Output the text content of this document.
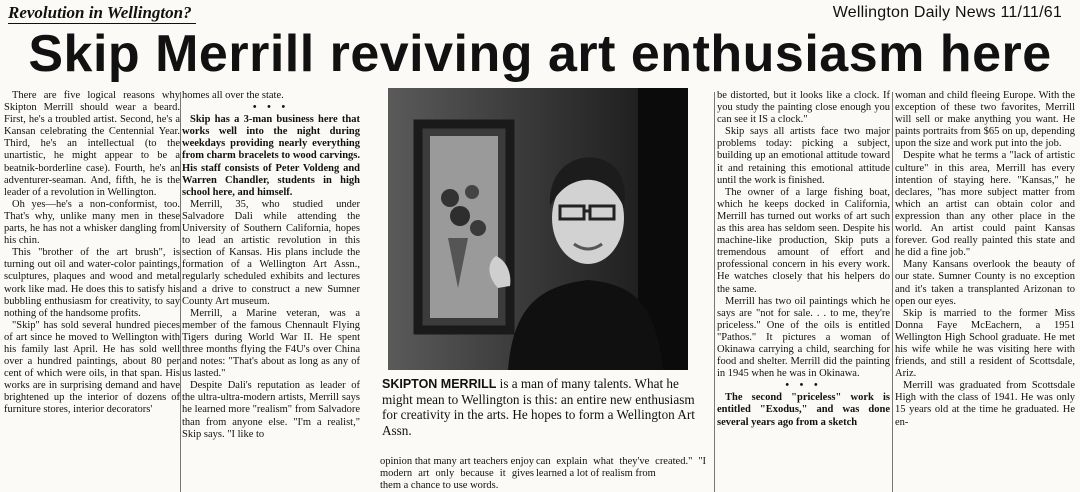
Revolution in Wellington?	Wellington Daily News 11/11/61
Skip Merrill reviving art enthusiasm here

There are five logical reasons why Skipton Merrill should wear a beard. First, he's a troubled artist. Second, he's a Kansan celebrating the Centennial Year. Third, he's an intellectual (to the unartistic, he might appear to be a beatnik-borderline case). Fourth, he's an adventurer-seaman. And, fifth, he is the leader of a revolution in Wellington.

Oh yes—he's a non-conformist, too. That's why, unlike many men in these parts, he has not a whisker dangling from his chin.

This "brother of the art brush", is turning out oil and water-color paintings, sculptures, plaques and wood and metal work like mad. He does this to satisfy his bubbling enthusiasm for creativity, to say nothing of the handsome profits.

"Skip" has sold several hundred pieces of art since he moved to Wellington with his family last April. He has sold well over a hundred paintings, about 80 per cent of which were oils, in that span. His works are in surprising demand and have brightened up the interior of dozens of furniture stores, interior decorators'

homes all over the state.

• • •

Skip has a 3-man business here that works well into the night during weekdays providing nearly everything from charm bracelets to wood carvings. His staff consists of Peter Voldeng and Warren Chandler, students in high school here, and himself.

Merrill, 35, who studied under Salvadore Dali while attending the University of Southern California, hopes to lead an artistic revolution in this section of Kansas. His plans include the formation of a Wellington Art Assn., regularly scheduled exhibits and lectures and a drive to construct a new Sumner County Art museum.

Merrill, a Marine veteran, was a member of the famous Chennault Flying Tigers during World War II. He spent three months flying the F4U's over China and notes: "That's about as long as any of us lasted."

Despite Dali's reputation as leader of the ultra-ultra-modern artists, Merrill says he learned more "realism" from Salvadore than from anyone else. "I'm a realist," Skip says. "I like to

SKIPTON MERRILL is a man of many talents. What he might mean to Wellington is this: an entire new enthusiasm for creativity in the arts. He hopes to form a Wellington Art Assn.

opinion that many art teachers enjoy modern art only because it gives them a chance to use words.

can explain what they've created." "I learned a lot of realism from

be distorted, but it looks like a clock. If you study the painting close enough you can see it IS a clock."

Skip says all artists face two major problems today: picking a subject, building up an emotional attitude toward it and retaining this emotional attitude until the work is finished.

The owner of a large fishing boat, which he keeps docked in California, Merrill has turned out works of art such as this area has seldom seen. Despite his machine-like production, Skip puts a tremendous amount of effort and professional concern in his every work. He watches closely that his helpers do the same.

Merrill has two oil paintings which he says are "not for sale. . . to me, they're priceless." One of the oils is entitled "Pathos." It pictures a woman of Okinawa carrying a child, searching for food and shelter. Merrill did the painting in 1945 when he was in Okinawa.

• • •

The second "priceless" work is entitled "Exodus," and was done several years ago from a sketch

woman and child fleeing Europe. With the exception of these two favorites, Merrill will sell or make anything you want. He paints portraits from $65 on up, depending upon the size and work put into the job.

Despite what he terms a "lack of artistic culture" in this area, Merrill has every intention of staying here. "Kansas," he declares, "has more subject matter from which an artist can obtain color and expression than any other place in the world. An artist could paint Kansas forever. God really painted this state and he did a fine job."

Many Kansans overlook the beauty of our state. Sumner County is no exception and it's taken a transplanted Arizonan to open our eyes.

Skip is married to the former Miss Donna Faye McEachern, a 1951 Wellington High School graduate. He met his wife while he was visiting here with friends, and still a resident of Scottsdale, Ariz.

Merrill was graduated from Scottsdale High with the class of 1941. He was only 15 years old at the time he graduated. He en-
